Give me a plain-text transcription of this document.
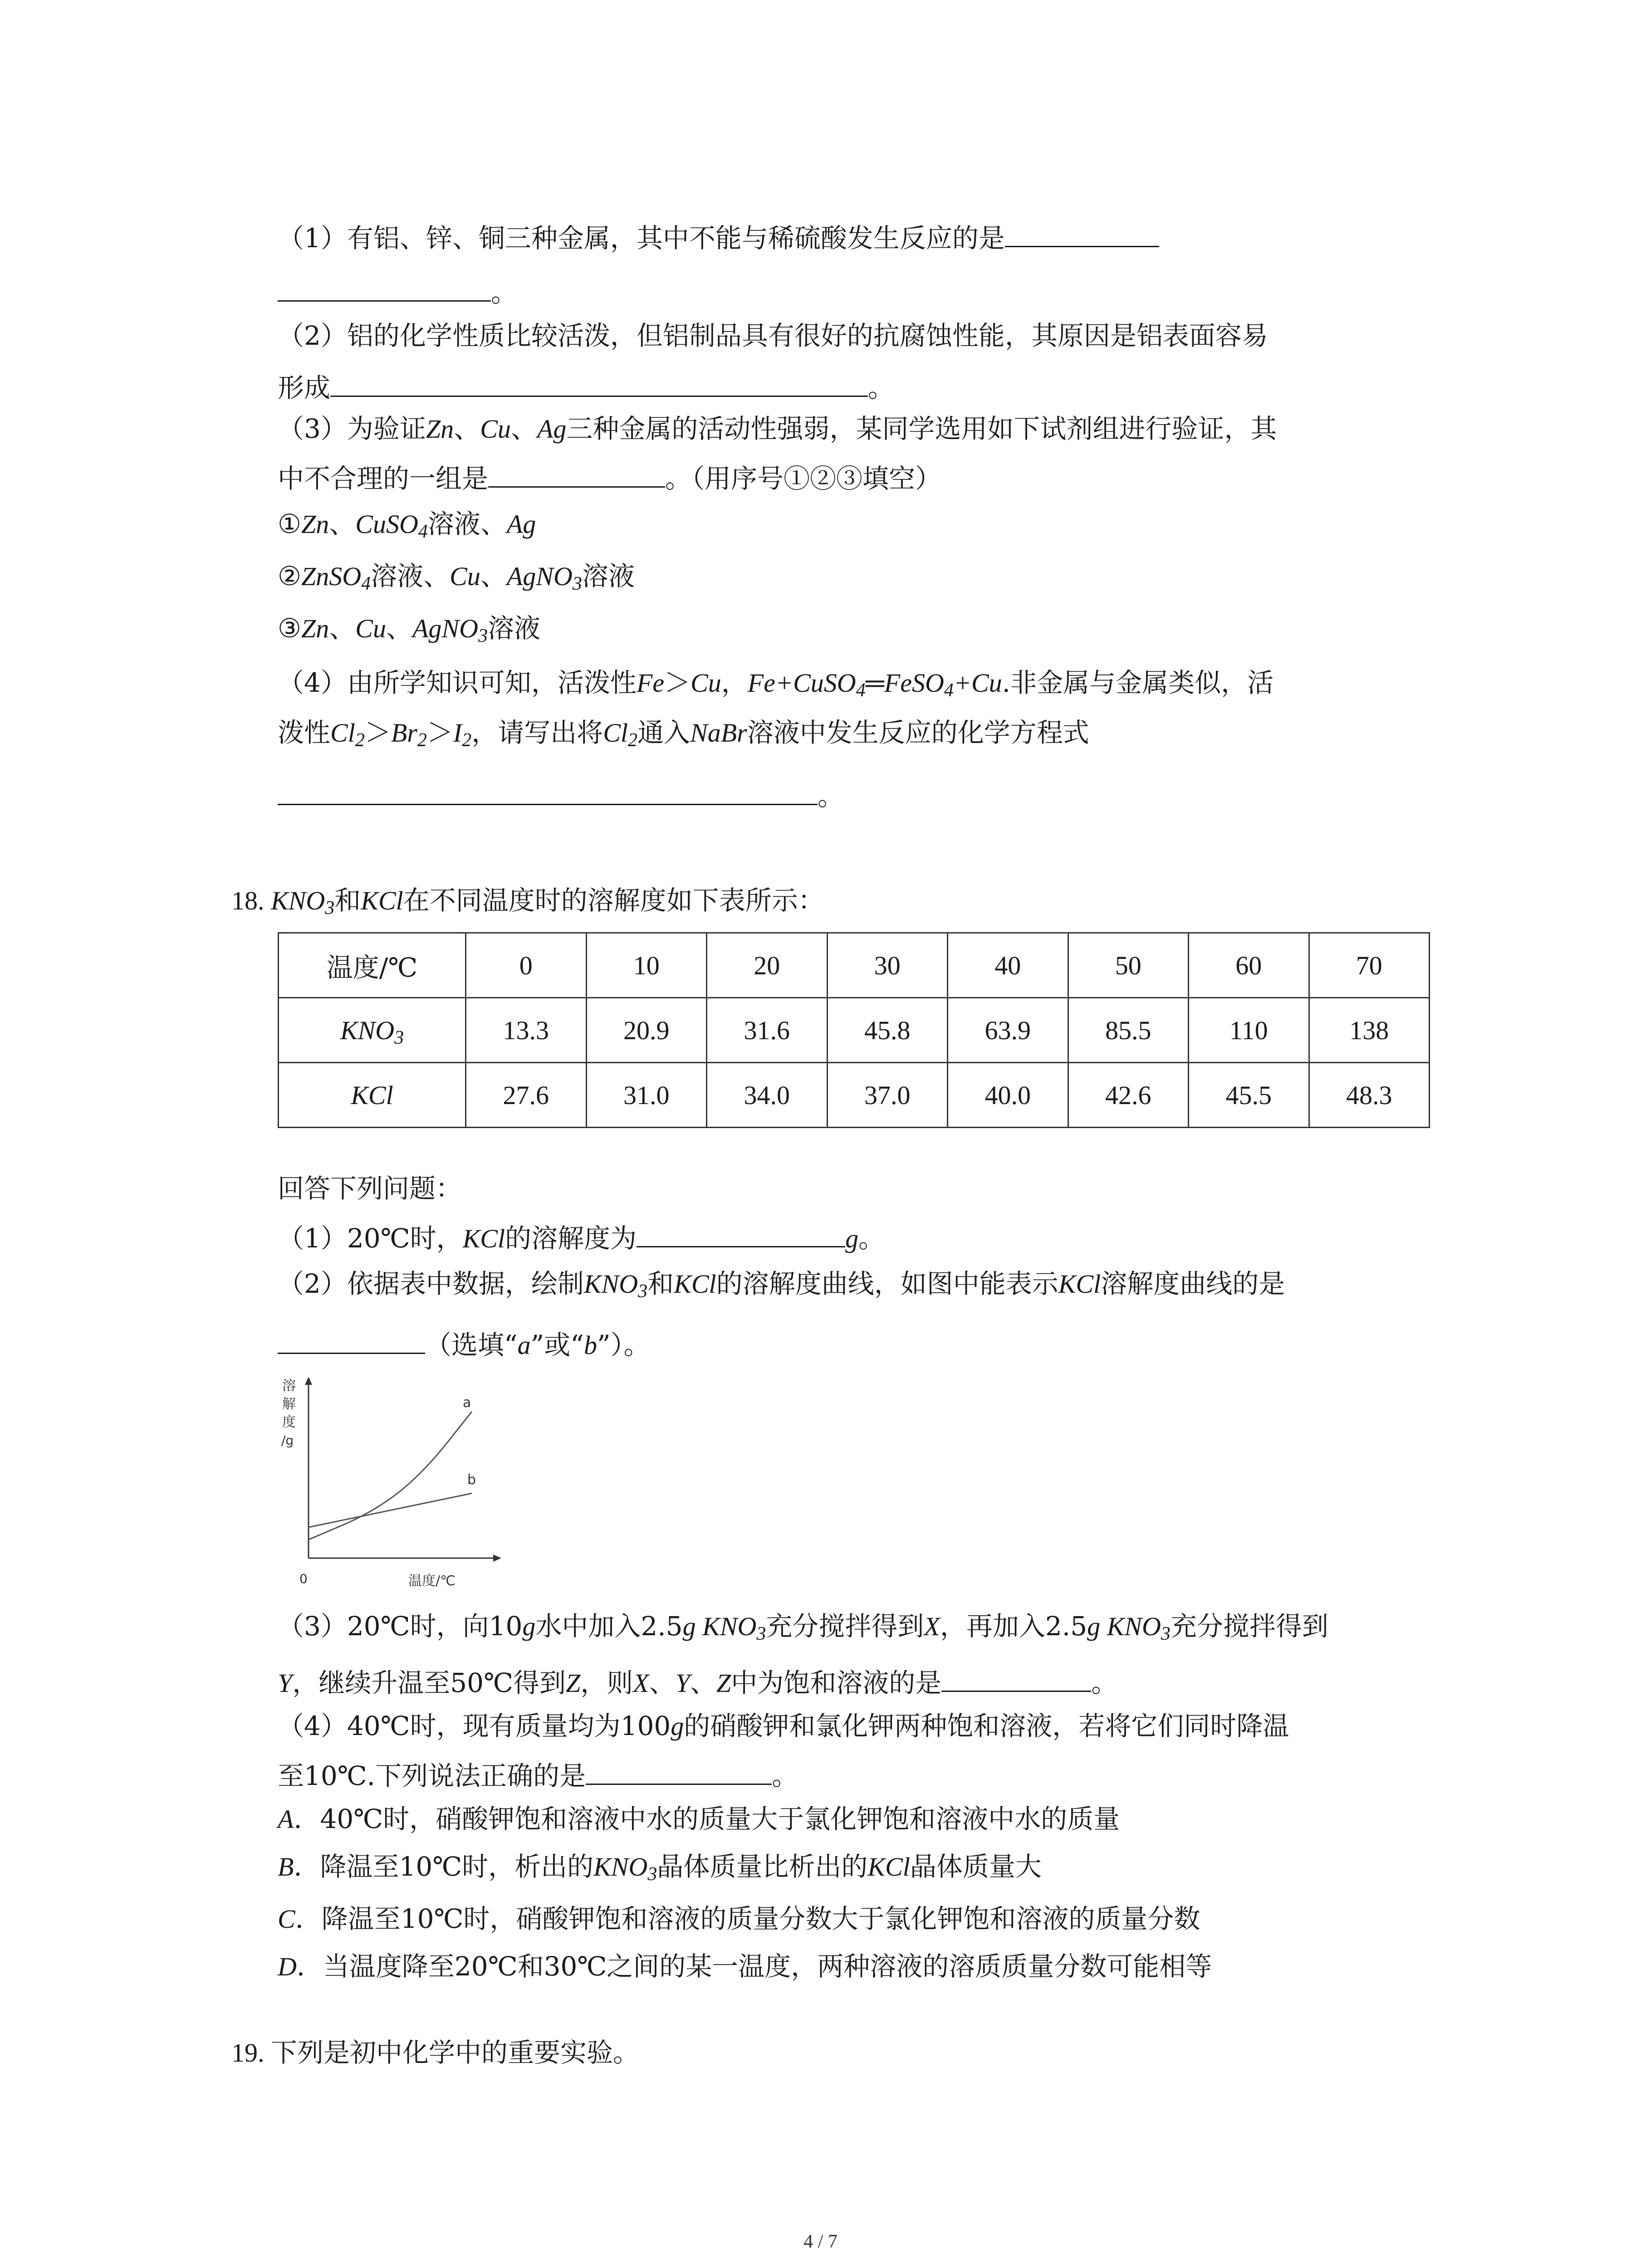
（1）有铝、锌、铜三种金属，其中不能与稀硫酸发生反应的是
。
（2）铝的化学性质比较活泼，但铝制品具有很好的抗腐蚀性能，其原因是铝表面容易
形成	。
（3）为验证Zn、Cu、Ag三种金属的活动性强弱，某同学选用如下试剂组进行验证，其
中不合理的一组是	。（用序号①②③填空）
①Zn、CuSO$_4$溶液、Ag
②ZnSO$_4$溶液、Cu、AgNO$_3$溶液
③Zn、Cu、AgNO$_3$溶液
（4）由所学知识可知，活泼性Fe＞Cu，Fe+CuSO$_4$═FeSO$_4$+Cu.非金属与金属类似，活
泼性$Cl_2>Br_2>I_2$，请写出将$Cl_2$通入NaBr溶液中发生反应的化学方程式
。
18. $KNO_3$和KCl在不同温度时的溶解度如下表所示：
温度/℃	0	10	20	30	40	50	60	70
$KNO_3$	13.3	20.9	31.6	45.8	63.9	85.5	110	138
KCl	27.6	31.0	34.0	37.0	40.0	42.6	45.5	48.3
回答下列问题：
（1）20℃时，KCl的溶解度为	g。
（2）依据表中数据，绘制$KNO_3$和KCl的溶解度曲线，如图中能表示KCl溶解度曲线的是
（选填“a”或“b”）。
溶
解
度
/g
0	温度/℃
a
b
（3）20℃时，向10g水中加入2.5g $KNO_3$充分搅拌得到X，再加入2.5g $KNO_3$充分搅拌得到
Y，继续升温至50℃得到Z，则X、Y、Z中为饱和溶液的是	。
（4）40℃时，现有质量均为100g的硝酸钾和氯化钾两种饱和溶液，若将它们同时降温
至10℃.下列说法正确的是	。
A．40℃时，硝酸钾饱和溶液中水的质量大于氯化钾饱和溶液中水的质量
B．降温至10℃时，析出的$KNO_3$晶体质量比析出的KCl晶体质量大
C．降温至10℃时，硝酸钾饱和溶液的质量分数大于氯化钾饱和溶液的质量分数
D．当温度降至20℃和30℃之间的某一温度，两种溶液的溶质质量分数可能相等
19. 下列是初中化学中的重要实验。
4 / 7
